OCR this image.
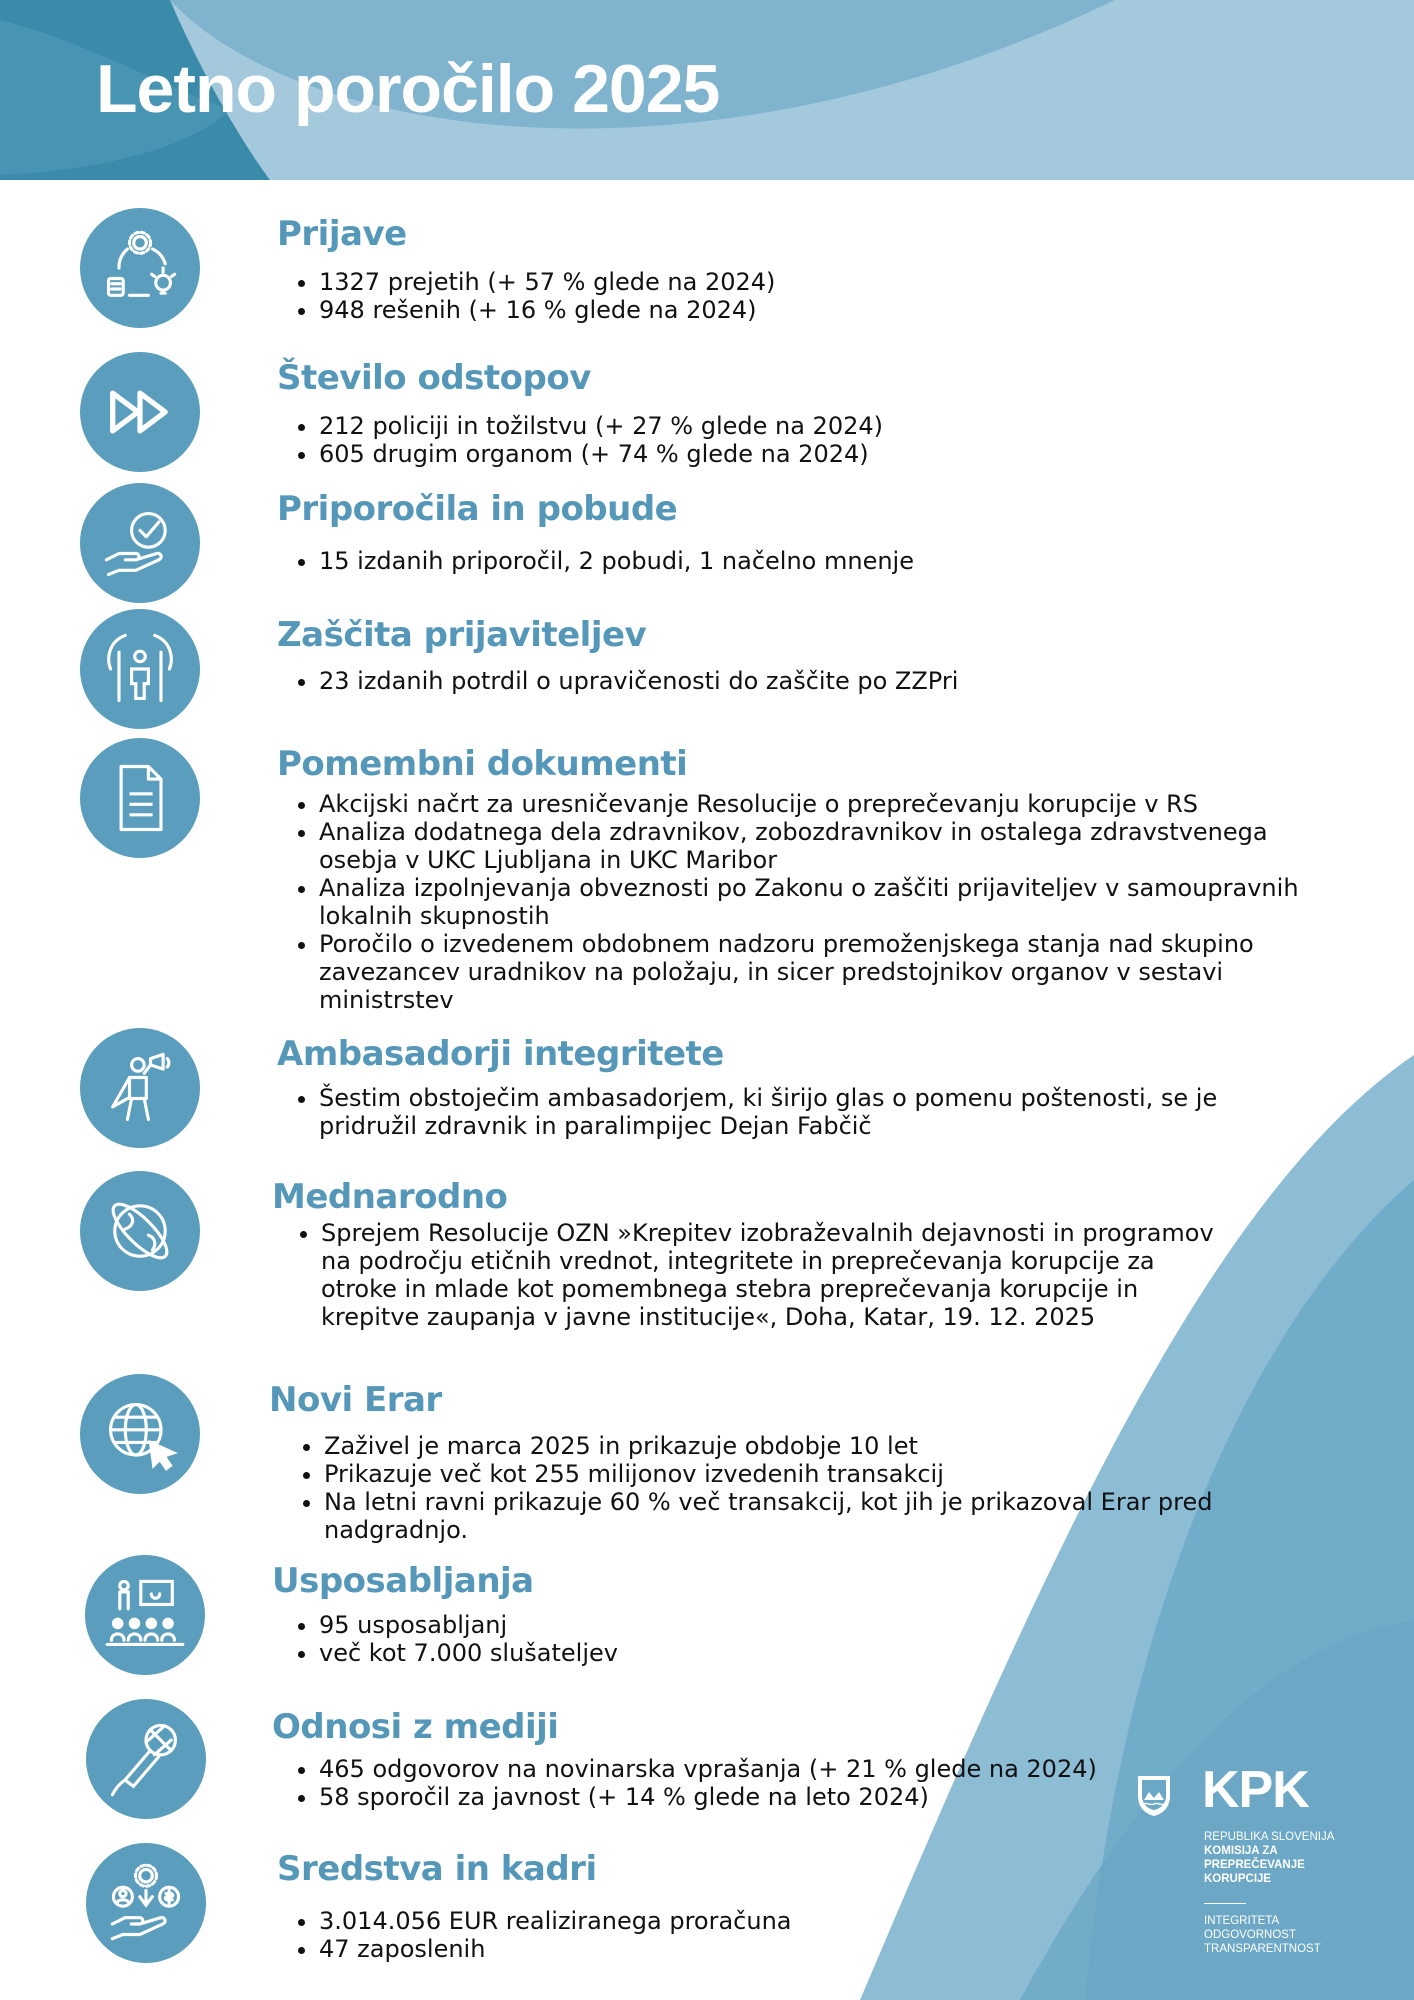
Letno poročilo 2025
Prijave
• 1327 prejetih (+ 57 % glede na 2024)
• 948 rešenih (+ 16 % glede na 2024)
Število odstopov
• 212 policiji in tožilstvu (+ 27 % glede na 2024)
• 605 drugim organom (+ 74 % glede na 2024)
Priporočila in pobude
• 15 izdanih priporočil, 2 pobudi, 1 načelno mnenje
Zaščita prijaviteljev
• 23 izdanih potrdil o upravičenosti do zaščite po ZZPri
Pomembni dokumenti
• Akcijski načrt za uresničevanje Resolucije o preprečevanju korupcije v RS
• Analiza dodatnega dela zdravnikov, zobozdravnikov in ostalega zdravstvenega osebja v UKC Ljubljana in UKC Maribor
• Analiza izpolnjevanja obveznosti po Zakonu o zaščiti prijaviteljev v samoupravnih lokalnih skupnostih
• Poročilo o izvedenem obdobnem nadzoru premoženjskega stanja nad skupino zavezancev uradnikov na položaju, in sicer predstojnikov organov v sestavi ministrstev
Ambasadorji integritete
• Šestim obstoječim ambasadorjem, ki širijo glas o pomenu poštenosti, se je pridružil zdravnik in paralimpijec Dejan Fabčič
Mednarodno
• Sprejem Resolucije OZN »Krepitev izobraževalnih dejavnosti in programov na področju etičnih vrednot, integritete in preprečevanja korupcije za otroke in mlade kot pomembnega stebra preprečevanja korupcije in krepitve zaupanja v javne institucije«, Doha, Katar, 19. 12. 2025
Novi Erar
• Zaživel je marca 2025 in prikazuje obdobje 10 let
• Prikazuje več kot 255 milijonov izvedenih transakcij
• Na letni ravni prikazuje 60 % več transakcij, kot jih je prikazoval Erar pred nadgradnjo.
Usposabljanja
• 95 usposabljanj
• več kot 7.000 slušateljev
Odnosi z mediji
• 465 odgovorov na novinarska vprašanja (+ 21 % glede na 2024)
• 58 sporočil za javnost (+ 14 % glede na leto 2024)
Sredstva in kadri
• 3.014.056 EUR realiziranega proračuna
• 47 zaposlenih
KPK
REPUBLIKA SLOVENIJA
KOMISIJA ZA
PREPREČEVANJE
KORUPCIJE
INTEGRITETA
ODGOVORNOST
TRANSPARENTNOST
